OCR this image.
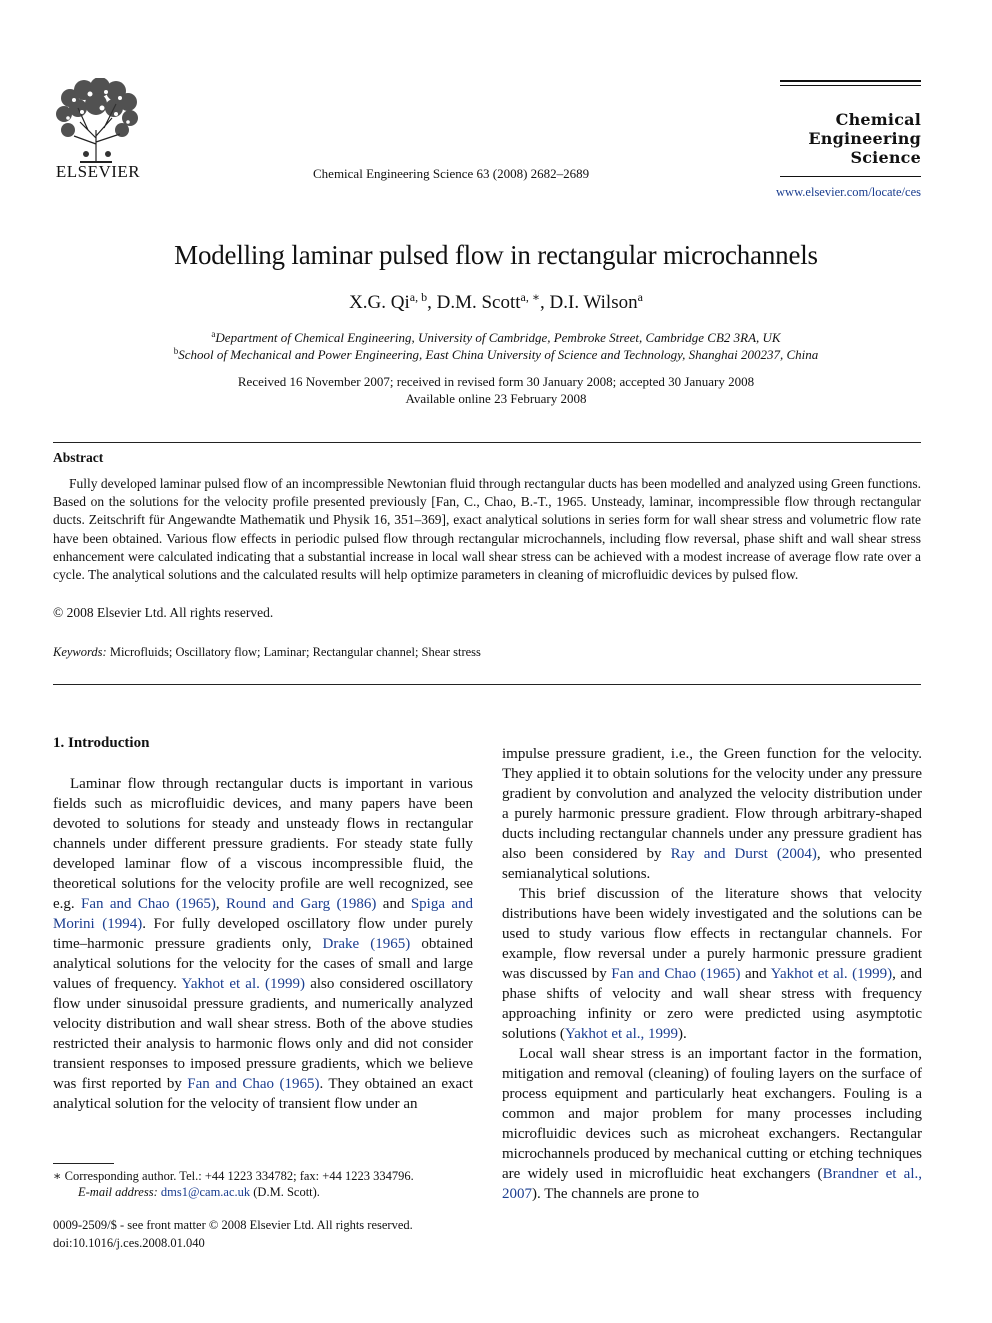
ELSEVIER	Chemical Engineering Science 63 (2008) 2682–2689
Chemical
Engineering Science
www.elsevier.com/locate/ces
Modelling laminar pulsed flow in rectangular microchannels
X.G. Qi$^{a, b}$, D.M. Scott$^{a, ∗}$, D.I. Wilson$^a$
$^a$Department of Chemical Engineering, University of Cambridge, Pembroke Street, Cambridge CB2 3RA, UK
$^b$School of Mechanical and Power Engineering, East China University of Science and Technology, Shanghai 200237, China
Received 16 November 2007; received in revised form 30 January 2008; accepted 30 January 2008
Available online 23 February 2008
Abstract
Fully developed laminar pulsed flow of an incompressible Newtonian fluid through rectangular ducts has been modelled and analyzed using Green functions. Based on the solutions for the velocity profile presented previously [Fan, C., Chao, B.-T., 1965. Unsteady, laminar, incompressible flow through rectangular ducts. Zeitschrift für Angewandte Mathematik und Physik 16, 351–369], exact analytical solutions in series form for wall shear stress and volumetric flow rate have been obtained. Various flow effects in periodic pulsed flow through rectangular microchannels, including flow reversal, phase shift and wall shear stress enhancement were calculated indicating that a substantial increase in local wall shear stress can be achieved with a modest increase of average flow rate over a cycle. The analytical solutions and the calculated results will help optimize parameters in cleaning of microfluidic devices by pulsed flow.
© 2008 Elsevier Ltd. All rights reserved.
Keywords: Microfluids; Oscillatory flow; Laminar; Rectangular channel; Shear stress
1. Introduction

Laminar flow through rectangular ducts is important in various fields such as microfluidic devices, and many papers have been devoted to solutions for steady and unsteady flows in rectangular channels under different pressure gradients. For steady state fully developed laminar flow of a viscous incompressible fluid, the theoretical solutions for the velocity profile are well recognized, see e.g. Fan and Chao (1965), Round and Garg (1986) and Spiga and Morini (1994). For fully developed oscillatory flow under purely time–harmonic pressure gradients only, Drake (1965) obtained analytical solutions for the velocity for the cases of small and large values of frequency. Yakhot et al. (1999) also considered oscillatory flow under sinusoidal pressure gradients, and numerically analyzed velocity distribution and wall shear stress. Both of the above studies restricted their analysis to harmonic flows only and did not consider transient responses to imposed pressure gradients, which we believe was first reported by Fan and Chao (1965). They obtained an exact analytical solution for the velocity of transient flow under an

impulse pressure gradient, i.e., the Green function for the velocity. They applied it to obtain solutions for the velocity under any pressure gradient by convolution and analyzed the velocity distribution under a purely harmonic pressure gradient. Flow through arbitrary-shaped ducts including rectangular channels under any pressure gradient has also been considered by Ray and Durst (2004), who presented semianalytical solutions.

This brief discussion of the literature shows that velocity distributions have been widely investigated and the solutions can be used to study various flow effects in rectangular channels. For example, flow reversal under a purely harmonic pressure gradient was discussed by Fan and Chao (1965) and Yakhot et al. (1999), and phase shifts of velocity and wall shear stress with frequency approaching infinity or zero were predicted using asymptotic solutions (Yakhot et al., 1999).

Local wall shear stress is an important factor in the formation, mitigation and removal (cleaning) of fouling layers on the surface of process equipment and particularly heat exchangers. Fouling is a common and major problem for many processes including microfluidic devices such as microheat exchangers. Rectangular microchannels produced by mechanical cutting or etching techniques are widely used in microfluidic heat exchangers (Brandner et al., 2007). The channels are prone to

∗ Corresponding author. Tel.: +44 1223 334782; fax: +44 1223 334796.
E-mail address: dms1@cam.ac.uk (D.M. Scott).
0009-2509/$ - see front matter © 2008 Elsevier Ltd. All rights reserved.
doi:10.1016/j.ces.2008.01.040
